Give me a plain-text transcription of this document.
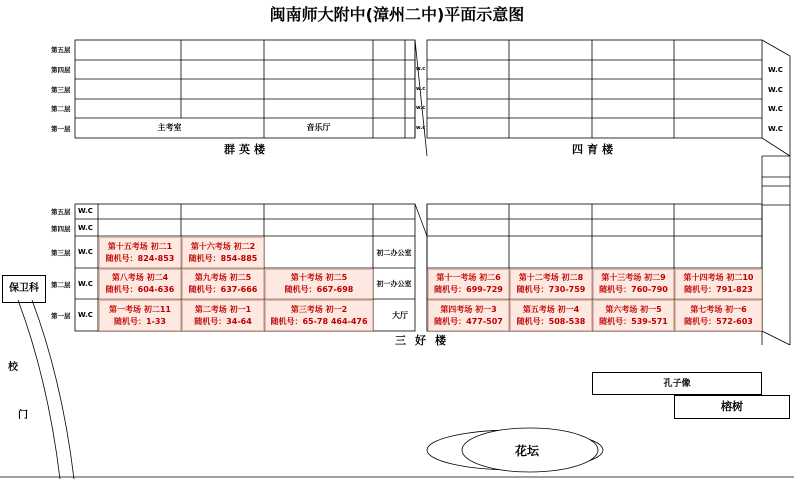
闽南师大附中(漳州二中)平面示意图
第五层
第四层
第三层
第二层
第一层
w.c
w.c
w.c
w.c
W.C
W.C
W.C
W.C
主考室	音乐厅
群英楼	四育楼
三好楼
第五层
第四层
第三层
第二层
第一层
W.C
W.C
W.C
W.C
W.C
第十五考场 初二1
随机号：824-853
第十六考场 初二2
随机号：854-885
第八考场 初二4
随机号：604-636
第九考场 初二5
随机号：637-666
第十考场 初二5
随机号：667-698
第一考场 初二11
随机号：1-33
第二考场 初一1
随机号：34-64
第三考场 初一2
随机号：65-78 464-476
初二办公室
初一办公室
大厅
第十一考场 初二6
随机号：699-729
第十二考场 初二8
随机号：730-759
第十三考场 初二9
随机号：760-790
第十四考场 初二10
随机号：791-823
第四考场 初一3
随机号：477-507
第五考场 初一4
随机号：508-538
第六考场 初一5
随机号：539-571
第七考场 初一6
随机号：572-603
保卫科
校
门
孔子像
榕树
花坛
